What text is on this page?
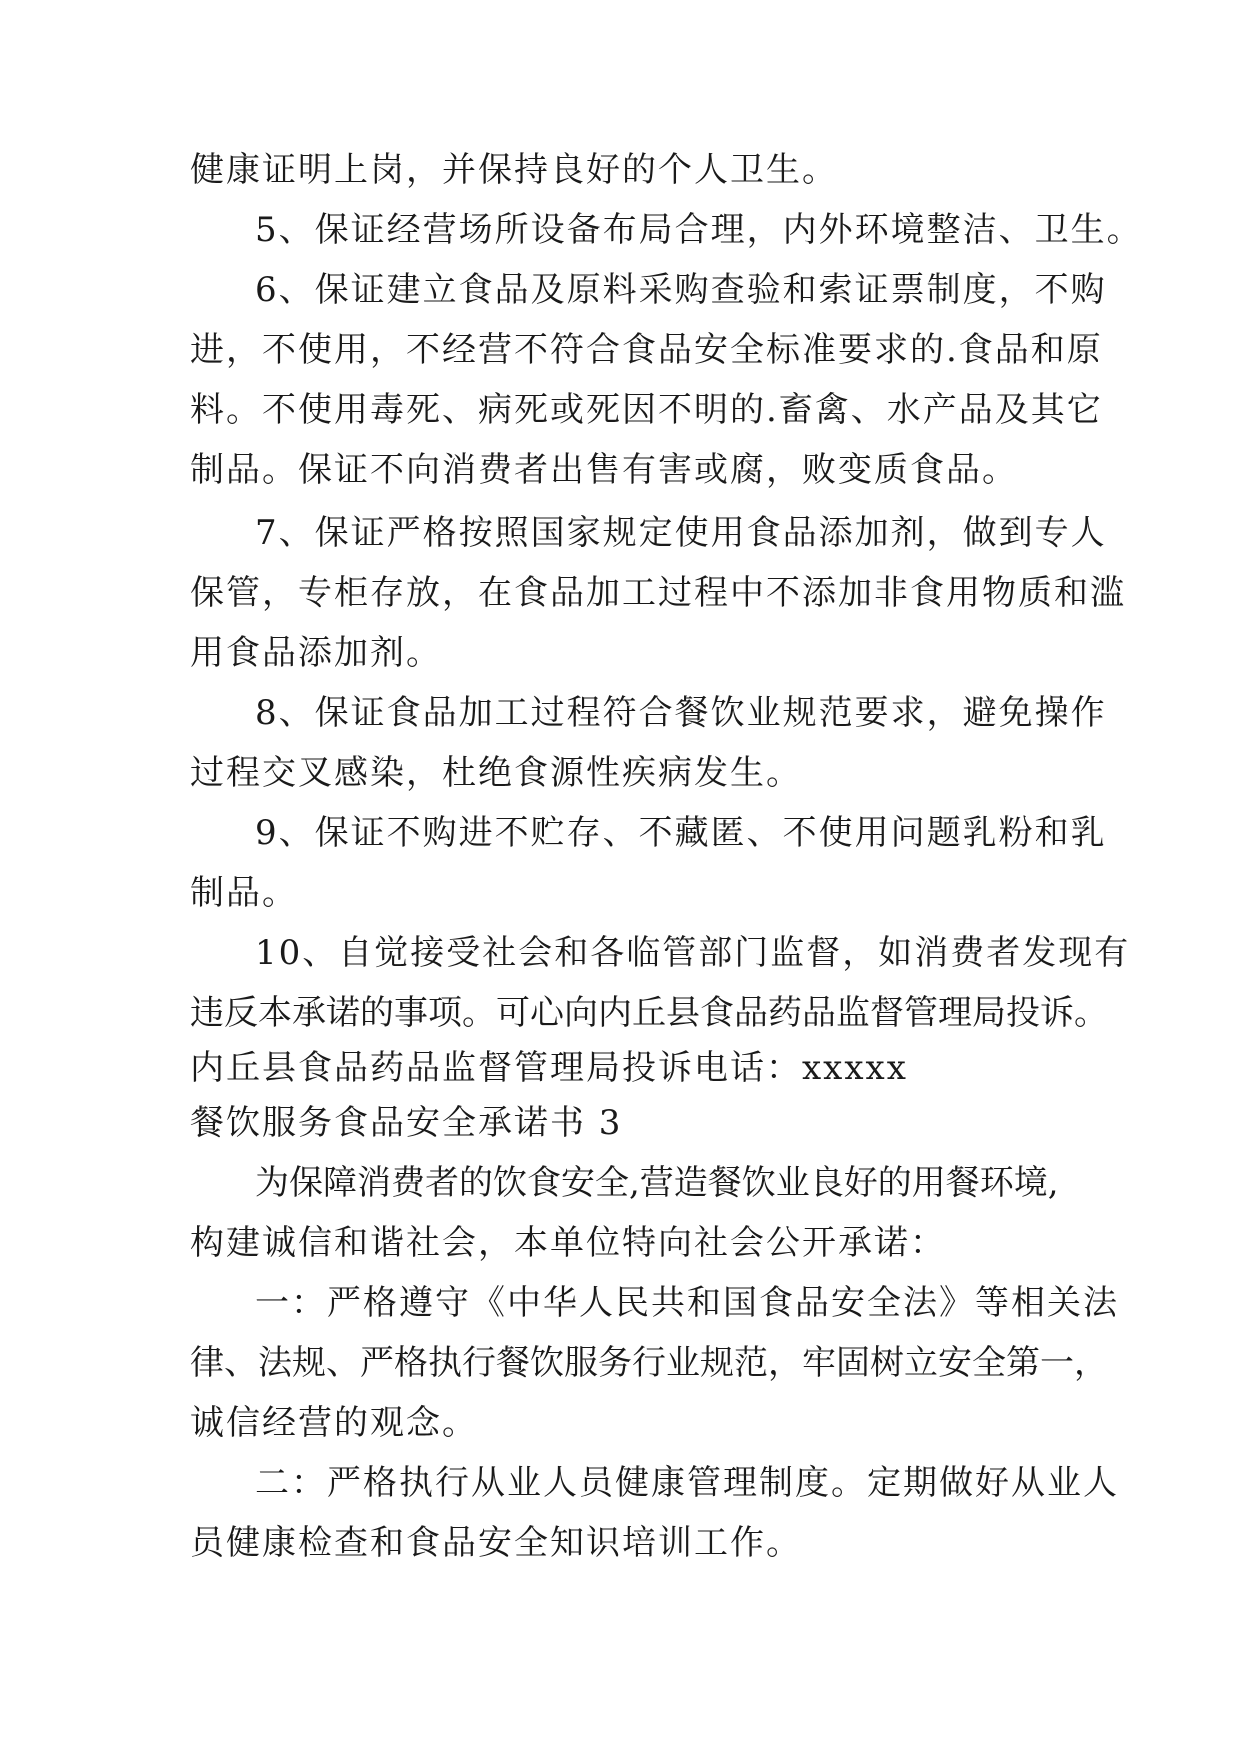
健康证明上岗，并保持良好的个人卫生。
5、保证经营场所设备布局合理，内外环境整洁、卫生。
6、保证建立食品及原料采购查验和索证票制度，不购
进，不使用，不经营不符合食品安全标准要求的.食品和原
料。不使用毒死、病死或死因不明的.畜禽、水产品及其它
制品。保证不向消费者出售有害或腐，败变质食品。
7、保证严格按照国家规定使用食品添加剂，做到专人
保管，专柜存放，在食品加工过程中不添加非食用物质和滥
用食品添加剂。
8、保证食品加工过程符合餐饮业规范要求，避免操作
过程交叉感染，杜绝食源性疾病发生。
9、保证不购进不贮存、不藏匿、不使用问题乳粉和乳
制品。
10、自觉接受社会和各临管部门监督，如消费者发现有
违反本承诺的事项。可心向内丘县食品药品监督管理局投诉。
内丘县食品药品监督管理局投诉电话：xxxxx
餐饮服务食品安全承诺书 3
为保障消费者的饮食安全,营造餐饮业良好的用餐环境,
构建诚信和谐社会，本单位特向社会公开承诺：
一：严格遵守《中华人民共和国食品安全法》等相关法
律、法规、严格执行餐饮服务行业规范，牢固树立安全第一，
诚信经营的观念。
二：严格执行从业人员健康管理制度。定期做好从业人
员健康检查和食品安全知识培训工作。
